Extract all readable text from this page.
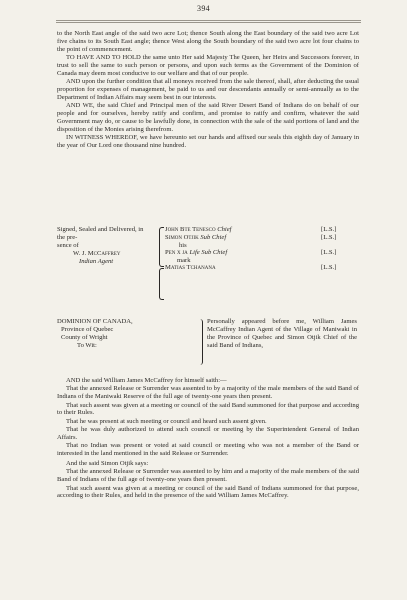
394

to the North East angle of the said two acre Lot; thence South along the East boundary of the said two acre Lot five chains to its South East angle; thence West along the South boundary of the said two acre lot four chains to the point of commencement.

TO HAVE AND TO HOLD the same unto Her said Majesty The Queen, her Heirs and Successors forever, in trust to sell the same to such person or persons, and upon such terms as the Government of the Dominion of Canada may deem most conducive to our welfare and that of our people.

AND upon the further condition that all moneys received from the sale thereof, shall, after deducting the usual proportion for expenses of management, be paid to us and our descendants annually or semi-annually as to the Department of Indian Affairs may seem best in our interests.

AND WE, the said Chief and Principal men of the said River Desert Band of Indians do on behalf of our people and for ourselves, hereby ratify and confirm, and promise to ratify and confirm, whatever the said Government may do, or cause to be lawfully done, in connection with the sale of the said portions of land and the disposition of the Monies arising therefrom.

IN WITNESS WHEREOF, we have hereunto set our hands and affixed our seals this eighth day of January in the year of Our Lord one thousand nine hundred.

Signed, Sealed and Delivered, in the pre-
sence of
W. J. McCaffrey
Indian Agent
John Bte Tenesco Chief
Simon Otjik Sub Chief
his
Pen x ja Life Sub Chief
mark
Matias Tchanana
[L.S.]
[L.S.]
[L.S.]
[L.S.]
DOMINION OF CANADA,
Province of Quebec
County of Wright
To Wit:
Personally appeared before me, William James McCaffrey Indian Agent of the Village of Maniwaki in the Province of Quebec and Simon Otjik Chief of the said Band of Indians,

AND the said William James McCaffrey for himself saith:—

That the annexed Release or Surrender was assented to by a majority of the male members of the said Band of Indians of the Maniwaki Reserve of the full age of twenty-one years then present.

That such assent was given at a meeting or council of the said Band summoned for that purpose and according to their Rules.

That he was present at such meeting or council and heard such assent given.

That he was duly authorized to attend such council or meeting by the Superintendent General of Indian Affairs.

That no Indian was present or voted at said council or meeting who was not a member of the Band or interested in the land mentioned in the said Release or Surrender.

And the said Simon Otjik says:

That the annexed Release or Surrender was assented to by him and a majority of the male members of the said Band of Indians of the full age of twenty-one years then present.

That such assent was given at a meeting or council of the said Band of Indians summoned for that purpose, according to their Rules, and held in the presence of the said William James McCaffrey.
